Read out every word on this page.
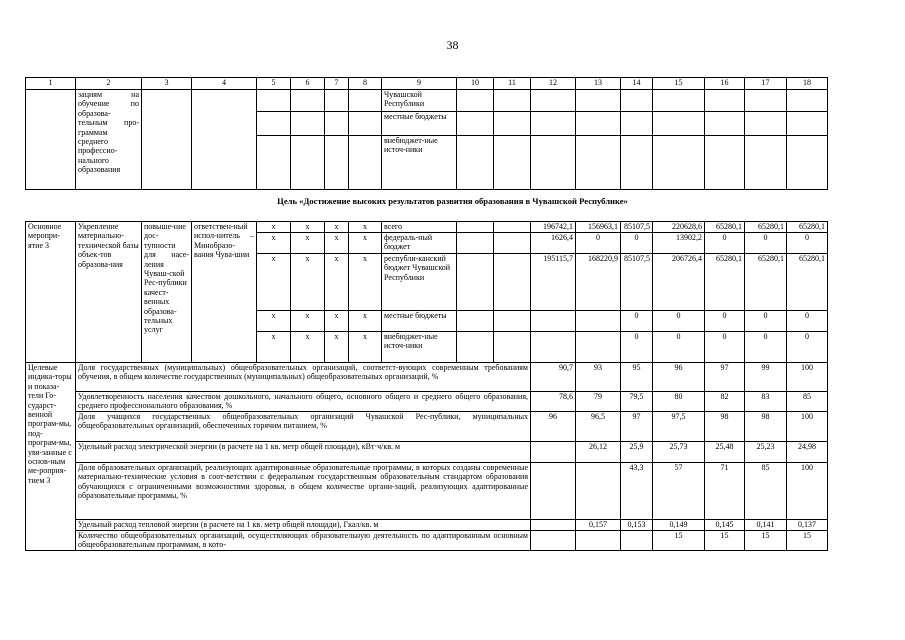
38
1	2	3	4	5	6	7	8	9	10	11	12	13	14	15	16	17	18
	зациям на обучение по образова-тельным про-граммам среднего профессио-нального образования							Чувашской Республики									
								местные бюджеты									
								внебюджет-ные источ-ники									
Цель «Достижение высоких результатов развития образования в Чувашской Республике»
Основное меропри-ятие 3	Укрепление материально-технической базы объек-тов образова-ния	повыше-ние дос-тупности для насе-ления Чуваш-ской Рес-публики качест-венных образова-тельных услуг	ответствен-ный испол-нитель – Минобразо-вания Чува-шии	x	x	x	x	всего			196742,1	156963,1	85107,5	220628,6	65280,1	65280,1	65280,1
				x	x	x	x	федераль-ный бюджет			1626,4	0	0	13902,2	0	0	0
				x	x	x	x	республи-канский бюджет Чувашской Республики			195115,7	168220,9	85107,5	206726,4	65280,1	65280,1	65280,1
				x	x	x	x	местные бюджеты					0	0	0	0	0
				x	x	x	x	внебюджет-ные источ-ники					0	0	0	0	0
Целевые индика-торы и показа-тели Го-сударст-венной програм-мы, под-програм-мы, увя-занные с основ-ным ме-роприя-тием 3	Доля государственных (муниципальных) общеобразовательных организаций, соответст-вующих современным требованиям обучения, в общем количестве государственных (муниципальных) общеобразовательных организаций, %										90,7	93	95	96	97	99	100
	Удовлетворенность населения качеством дошкольного, начального общего, основного общего и среднего общего образования, среднего профессионального образования, %										78,6	79	79,5	80	82	83	85
	Доля учащихся государственных общеобразовательных организаций Чувашской Рес-публики, муниципальных общеобразовательных организаций, обеспеченных горячим питанием, %										96	96,5	97	97,5	98	98	100
	Удельный расход электрической энергии (в расчете на 1 кв. метр общей площади), кВт·ч/кв. м											26,12	25,9	25,73	25,48	25,23	24,98
	Доля образовательных организаций, реализующих адаптированные образовательные программы, в которых созданы современные материально-технические условия в соот-ветствии с федеральным государственным образовательным стандартом образования обучающихся с ограниченными возможностями здоровья, в общем количестве органи-заций, реализующих адаптированные образовательные программы, %												43,3	57	71	85	100
	Удельный расход тепловой энергии (в расчете на 1 кв. метр общей площади), Гкал/кв. м											0,157	0,153	0,149	0,145	0,141	0,137
	Количество общеобразовательных организаций, осуществляющих образовательную деятельность по адаптированным основным общеобразовательным программам, в кото-													15	15	15	15
